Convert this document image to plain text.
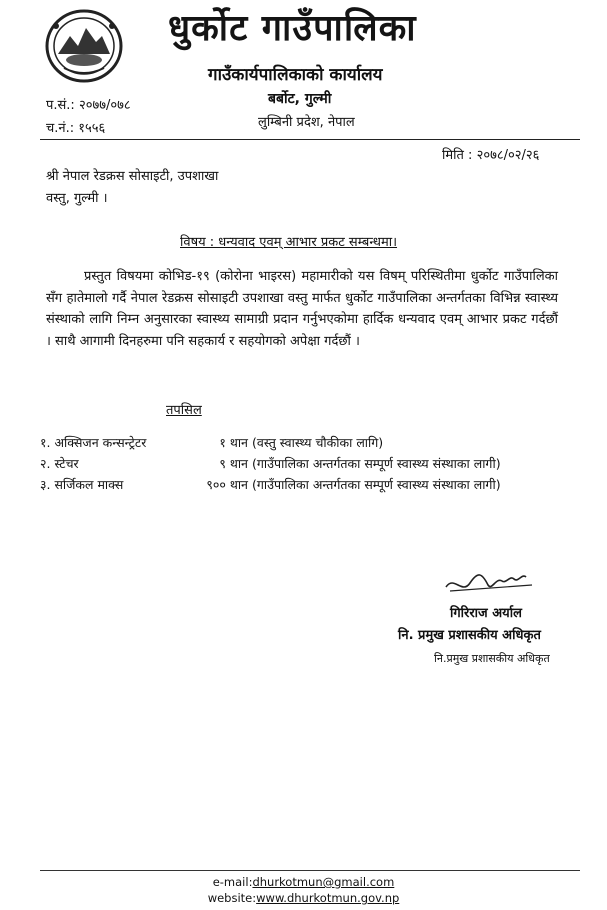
धुर्कोट गाउँपालिका
गाउँकार्यपालिकाको कार्यालय
बर्बोट, गुल्मी
लुम्बिनी प्रदेश, नेपाल
प.सं.: २०७७/०७८
च.नं.: १५५६
मिति : २०७८/०२/२६
श्री नेपाल रेडक्रस सोसाइटी, उपशाखा
वस्तु, गुल्मी ।
विषय : धन्यवाद एवम् आभार प्रकट सम्बन्धमा।

प्रस्तुत विषयमा कोभिड-१९ (कोरोना भाइरस) महामारीको यस विषम् परिस्थितीमा धुर्कोट गाउँपालिका सँग हातेमालो गर्दै नेपाल रेडक्रस सोसाइटी उपशाखा वस्तु मार्फत धुर्कोट गाउँपालिका अन्तर्गतका विभिन्न स्वास्थ्य संस्थाको लागि निम्न अनुसारका स्वास्थ्य सामाग्री प्रदान गर्नुभएकोमा हार्दिक धन्यवाद एवम् आभार प्रकट गर्दछौं । साथै आगामी दिनहरुमा पनि सहकार्य र सहयोगको अपेक्षा गर्दछौं ।

तपसिल
१. अक्सिजन कन्सन्ट्रेटर	१ थान (वस्तु स्वास्थ्य चौकीका लागि)
२. स्टेचर	९ थान (गाउँपालिका अन्तर्गतका सम्पूर्ण स्वास्थ्य संस्थाका लागी)
३. सर्जिकल माक्स	९०० थान (गाउँपालिका अन्तर्गतका सम्पूर्ण स्वास्थ्य संस्थाका लागी)
गिरिराज अर्याल
नि. प्रमुख प्रशासकीय अधिकृत
नि.प्रमुख प्रशासकीय अधिकृत
e-mail:dhurkotmun@gmail.com
website:www.dhurkotmun.gov.np
